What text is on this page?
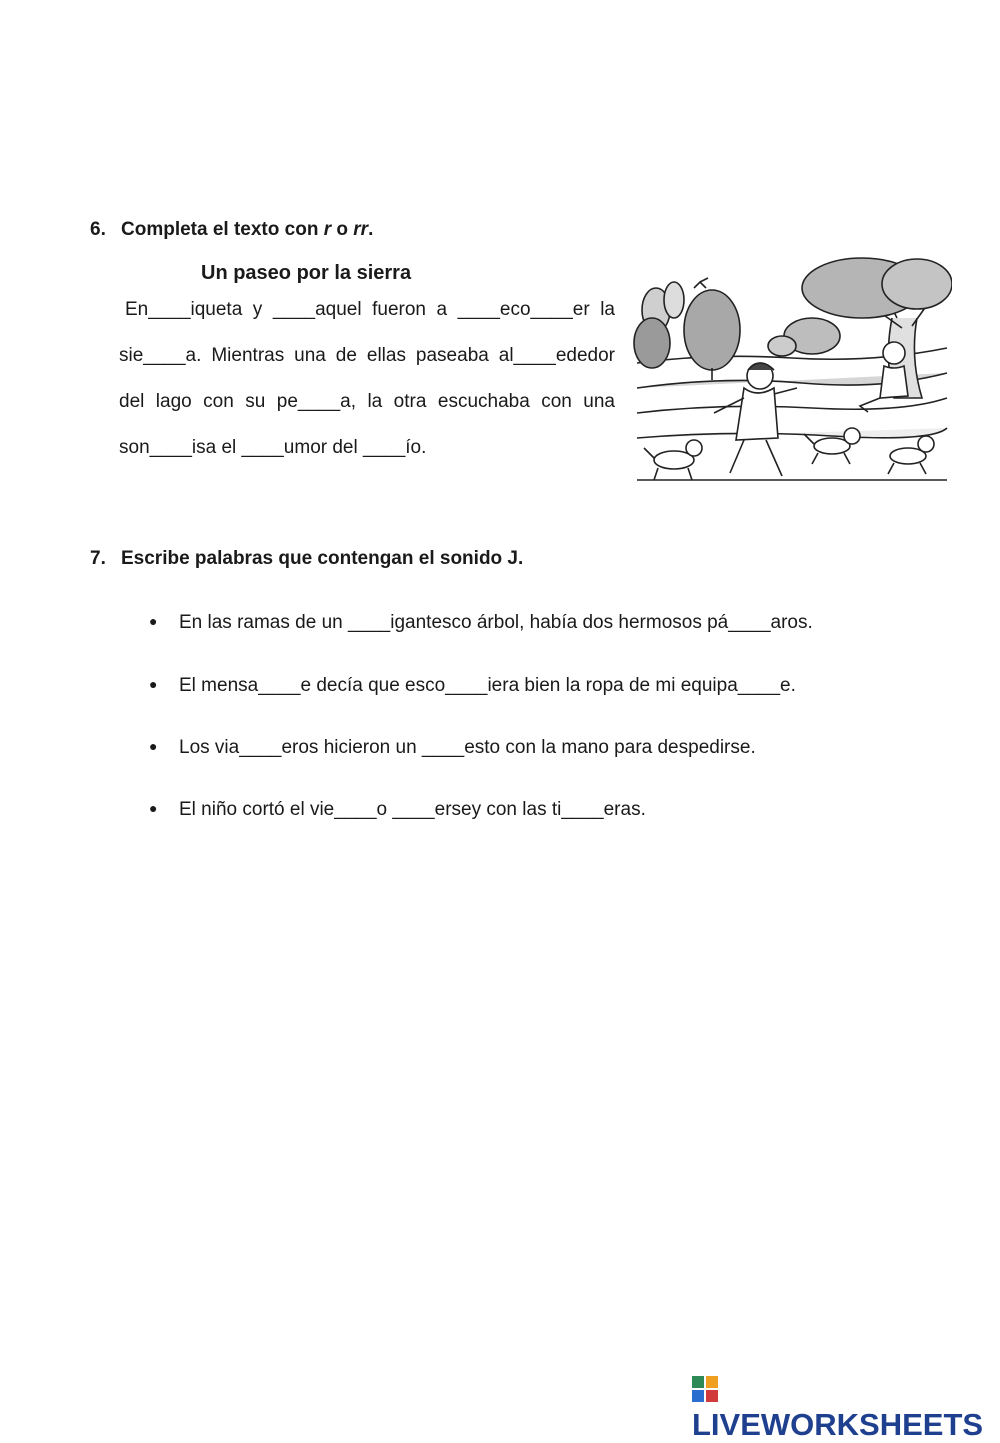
6. Completa el texto con r o rr.
Un paseo por la sierra
En____iqueta y ____aquel fueron a ____eco____er la
sie____a. Mientras una de ellas paseaba al____ededor
del lago con su pe____a, la otra escuchaba con una
son____isa el ____umor del ____ío.
7. Escribe palabras que contengan el sonido J.
● En las ramas de un ____igantesco árbol, había dos hermosos pá____aros.
● El mensa____e decía que esco____iera bien la ropa de mi equipa____e.
● Los via____eros hicieron un ____esto con la mano para despedirse.
● El niño cortó el vie____o ____ersey con las ti____eras.
LIVEWORKSHEETS
